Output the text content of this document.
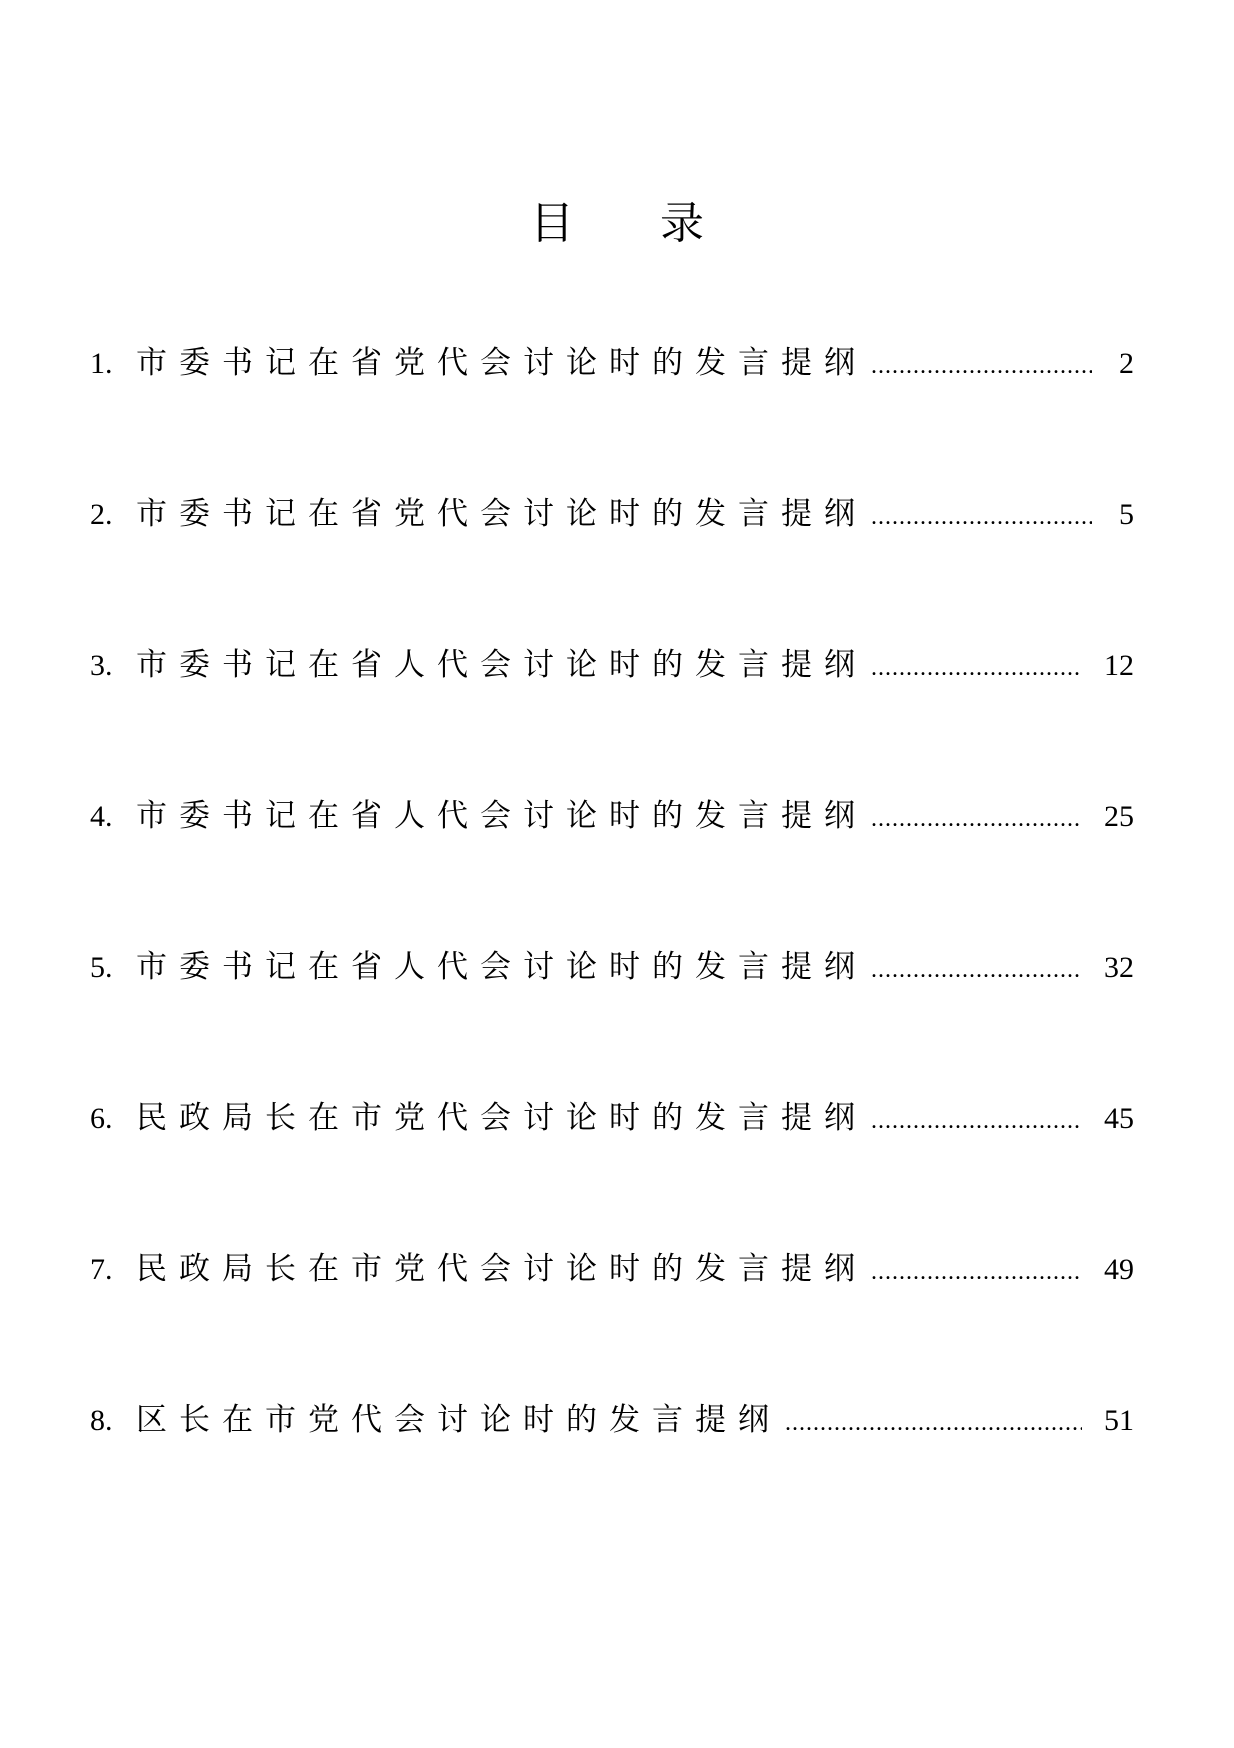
目 录
1. 市委书记在省党代会讨论时的发言提纲 .....	2
2. 市委书记在省党代会讨论时的发言提纲 .....	5
3. 市委书记在省人代会讨论时的发言提纲 .....	12
4. 市委书记在省人代会讨论时的发言提纲 .....	25
5. 市委书记在省人代会讨论时的发言提纲 .....	32
6. 民政局长在市党代会讨论时的发言提纲 .....	45
7. 民政局长在市党代会讨论时的发言提纲 .....	49
8. 区长在市党代会讨论时的发言提纲 .....	51
